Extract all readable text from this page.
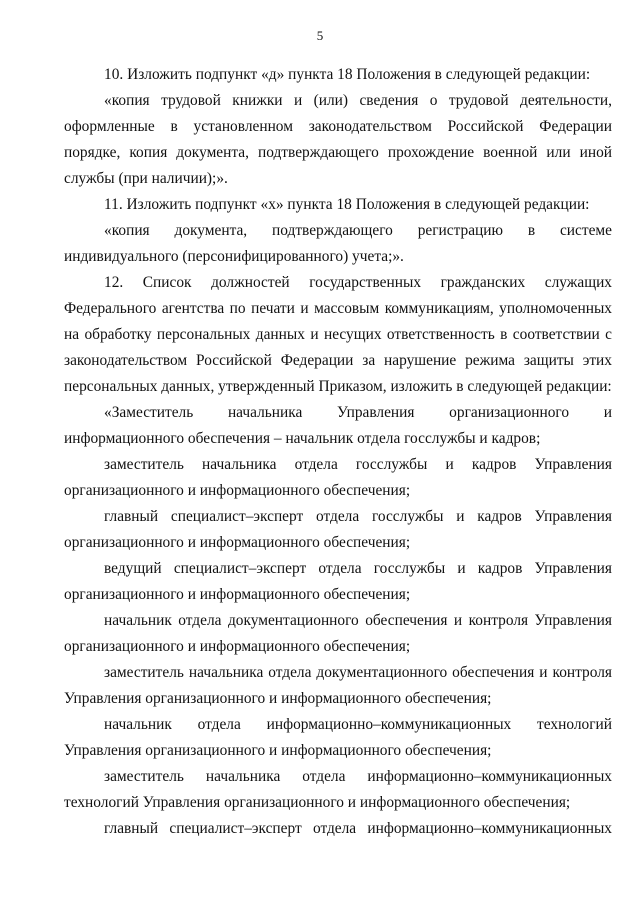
5

10. Изложить подпункт «д» пункта 18 Положения в следующей редакции:

«копия трудовой книжки и (или) сведения о трудовой деятельности, оформленные в установленном законодательством Российской Федерации порядке, копия документа, подтверждающего прохождение военной или иной службы (при наличии);».

11. Изложить подпункт «х» пункта 18 Положения в следующей редакции:

«копия документа, подтверждающего регистрацию в системе индивидуального (персонифицированного) учета;».

12. Список должностей государственных гражданских служащих Федерального агентства по печати и массовым коммуникациям, уполномоченных на обработку персональных данных и несущих ответственность в соответствии с законодательством Российской Федерации за нарушение режима защиты этих персональных данных, утвержденный Приказом, изложить в следующей редакции:

«Заместитель начальника Управления организационного и информационного обеспечения – начальник отдела госслужбы и кадров;

заместитель начальника отдела госслужбы и кадров Управления организационного и информационного обеспечения;

главный специалист–эксперт отдела госслужбы и кадров Управления организационного и информационного обеспечения;

ведущий специалист–эксперт отдела госслужбы и кадров Управления организационного и информационного обеспечения;

начальник отдела документационного обеспечения и контроля Управления организационного и информационного обеспечения;

заместитель начальника отдела документационного обеспечения и контроля Управления организационного и информационного обеспечения;

начальник отдела информационно–коммуникационных технологий Управления организационного и информационного обеспечения;

заместитель начальника отдела информационно–коммуникационных технологий Управления организационного и информационного обеспечения;

главный специалист–эксперт отдела информационно–коммуникационных
